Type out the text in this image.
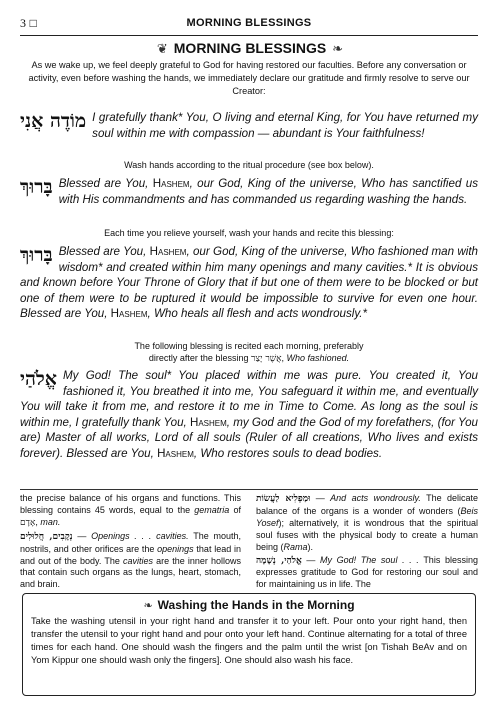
3 □	MORNING BLESSINGS
❦ MORNING BLESSINGS ❧
As we wake up, we feel deeply grateful to God for having restored our faculties. Before any conversation or activity, even before washing the hands, we immediately declare our gratitude and firmly resolve to serve our Creator:
מוֹדֶה אֲנִי I gratefully thank* You, O living and eternal King, for You have returned my soul within me with compassion — abundant is Your faithfulness!
Wash hands according to the ritual procedure (see box below).
בָּרוּךְ Blessed are You, Hashem, our God, King of the universe, Who has sanctified us with His commandments and has commanded us regarding washing the hands.
Each time you relieve yourself, wash your hands and recite this blessing:
בָּרוּךְ Blessed are You, Hashem, our God, King of the universe, Who fashioned man with wisdom* and created within him many openings and many cavities.* It is obvious and known before Your Throne of Glory that if but one of them were to be blocked or but one of them were to be ruptured it would be impossible to survive for even one hour. Blessed are You, Hashem, Who heals all flesh and acts wondrously.*
The following blessing is recited each morning, preferably
directly after the blessing אֲשֶׁר יָצַר, Who fashioned.
אֱלֹהַי My God! The soul* You placed within me was pure. You created it, You fashioned it, You breathed it into me, You safeguard it within me, and eventually You will take it from me, and restore it to me in Time to Come. As long as the soul is within me, I gratefully thank You, Hashem, my God and the God of my forefathers, (for You are) Master of all works, Lord of all souls (Ruler of all creations, Who lives and exists forever). Blessed are You, Hashem, Who restores souls to dead bodies.

the precise balance of his organs and functions. This blessing contains 45 words, equal to the gematria of אָדָם, man.

נְקָבִים, חֲלוּלִים — Openings . . . cavities. The mouth, nostrils, and other orifices are the openings that lead in and out of the body. The cavities are the inner hollows that contain such organs as the lungs, heart, stomach, and brain.

וּמַפְלִיא לַעֲשׂוֹת — And acts wondrously. The delicate balance of the organs is a wonder of wonders (Beis Yosef); alternatively, it is wondrous that the spiritual soul fuses with the physical body to create a human being (Rama).

אֱלֹהַי, נְשָׁמָה — My God! The soul . . . This blessing expresses gratitude to God for restoring our soul and for maintaining us in life. The

❧ Washing the Hands in the Morning
Take the washing utensil in your right hand and transfer it to your left. Pour onto your right hand, then transfer the utensil to your right hand and pour onto your left hand. Continue alternating for a total of three times for each hand. One should wash the fingers and the palm until the wrist [on Tishah BeAv and on Yom Kippur one should wash only the fingers]. One should also wash his face.
